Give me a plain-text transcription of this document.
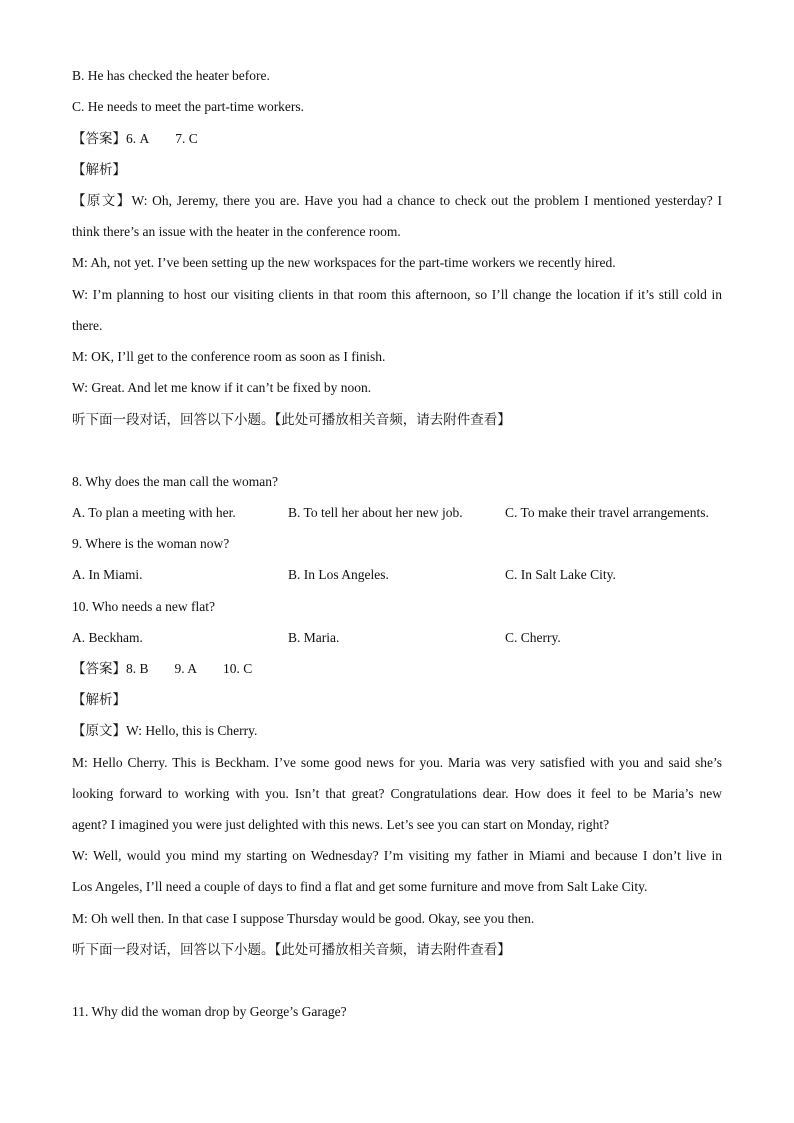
B. He has checked the heater before.
C. He needs to meet the part-time workers.
【答案】6. A 7. C
【解析】
【原文】W: Oh, Jeremy, there you are. Have you had a chance to check out the problem I mentioned yesterday? I
think there’s an issue with the heater in the conference room.
M: Ah, not yet. I’ve been setting up the new workspaces for the part-time workers we recently hired.
W: I’m planning to host our visiting clients in that room this afternoon, so I’ll change the location if it’s still cold in
there.
M: OK, I’ll get to the conference room as soon as I finish.
W: Great. And let me know if it can’t be fixed by noon.
听下面一段对话，回答以下小题。【此处可播放相关音频，请去附件查看】
8. Why does the man call the woman?
A. To plan a meeting with her.	B. To tell her about her new job.	C. To make their travel arrangements.
9. Where is the woman now?
A. In Miami.	B. In Los Angeles.	C. In Salt Lake City.
10. Who needs a new flat?
A. Beckham.	B. Maria.	C. Cherry.
【答案】8. B 9. A 10. C
【解析】
【原文】W: Hello, this is Cherry.
M: Hello Cherry. This is Beckham. I’ve some good news for you. Maria was very satisfied with you and said she’s
looking forward to working with you. Isn’t that great? Congratulations dear. How does it feel to be Maria’s new
agent? I imagined you were just delighted with this news. Let’s see you can start on Monday, right?
W: Well, would you mind my starting on Wednesday? I’m visiting my father in Miami and because I don’t live in
Los Angeles, I’ll need a couple of days to find a flat and get some furniture and move from Salt Lake City.
M: Oh well then. In that case I suppose Thursday would be good. Okay, see you then.
听下面一段对话，回答以下小题。【此处可播放相关音频，请去附件查看】
11. Why did the woman drop by George’s Garage?
